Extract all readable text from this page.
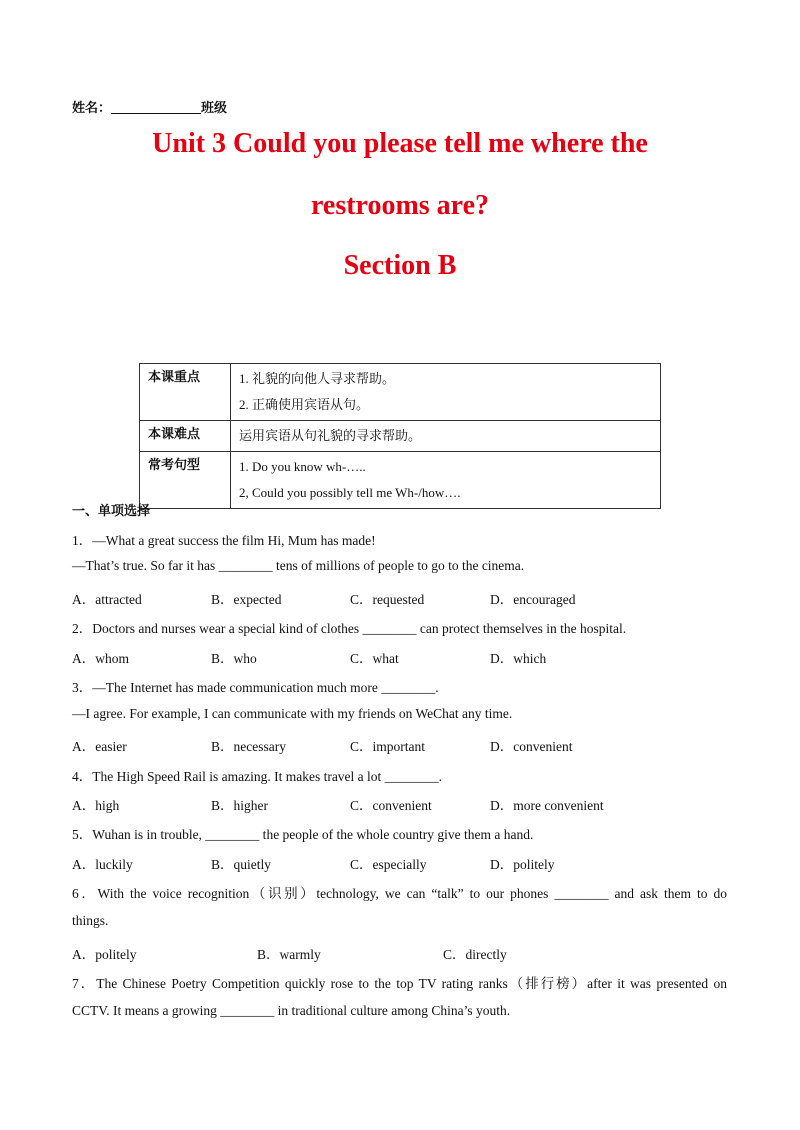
姓名：	班级
Unit 3 Could you please tell me where the
restrooms are?
Section B
本课重点	1. 礼貌的向他人寻求帮助。
2. 正确使用宾语从句。

本课难点	运用宾语从句礼貌的寻求帮助。

常考句型	1. Do you know wh-…..
2, Could you possibly tell me Wh-/how….
一、单项选择
1．—What a great success the film Hi, Mum has made!
—That’s true. So far it has ________ tens of millions of people to go to the cinema.
A．attracted	B．expected	C．requested	D．encouraged
2．Doctors and nurses wear a special kind of clothes ________ can protect themselves in the hospital.
A．whom	B．who	C．what	D．which
3．—The Internet has made communication much more ________.
—I agree. For example, I can communicate with my friends on WeChat any time.
A．easier	B．necessary	C．important	D．convenient
4．The High Speed Rail is amazing. It makes travel a lot ________.
A．high	B．higher	C．convenient	D．more convenient
5．Wuhan is in trouble, ________ the people of the whole country give them a hand.
A．luckily	B．quietly	C．especially	D．politely
6．With the voice recognition（识别）technology, we can “talk” to our phones ________ and ask them to do
things.
A．politely	B．warmly	C．directly
7．The Chinese Poetry Competition quickly rose to the top TV rating ranks（排行榜）after it was presented on
CCTV. It means a growing ________ in traditional culture among China’s youth.
